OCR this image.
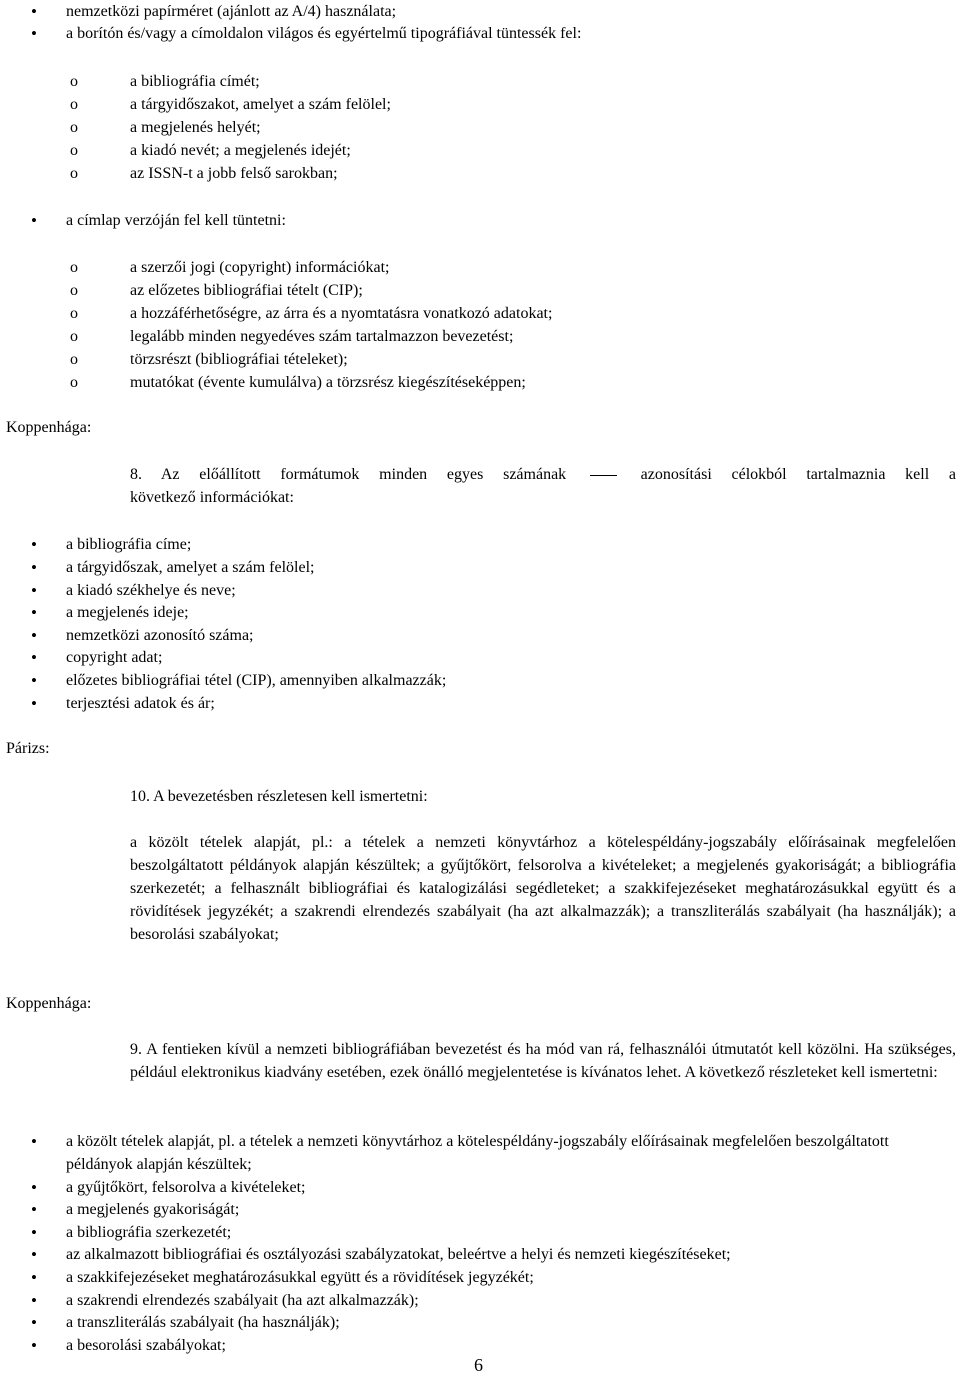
• nemzetközi papírméret (ajánlott az A/4) használata;
• a borítón és/vagy a címoldalon világos és egyértelmű tipográfiával tüntessék fel:
o a bibliográfia címét;
o a tárgyidőszakot, amelyet a szám felölel;
o a megjelenés helyét;
o a kiadó nevét; a megjelenés idejét;
o az ISSN-t a jobb felső sarokban;
• a címlap verzóján fel kell tüntetni:
o a szerzői jogi (copyright) információkat;
o az előzetes bibliográfiai tételt (CIP);
o a hozzáférhetőségre, az árra és a nyomtatásra vonatkozó adatokat;
o legalább minden negyedéves szám tartalmazzon bevezetést;
o törzsrészt (bibliográfiai tételeket);
o mutatókat (évente kumulálva) a törzsrész kiegészítéseképpen;
Koppenhága:
8. Az előállított formátumok minden egyes számának	azonosítási célokból tartalmaznia kell a
következő információkat:
• a bibliográfia címe;
• a tárgyidőszak, amelyet a szám felölel;
• a kiadó székhelye és neve;
• a megjelenés ideje;
• nemzetközi azonosító száma;
• copyright adat;
• előzetes bibliográfiai tétel (CIP), amennyiben alkalmazzák;
• terjesztési adatok és ár;
Párizs:
10. A bevezetésben részletesen kell ismertetni:
a közölt tételek alapját, pl.: a tételek a nemzeti könyvtárhoz a kötelespéldány-jogszabály előírásainak megfelelően beszolgáltatott példányok alapján készültek; a gyűjtőkört, felsorolva a kivételeket; a megjelenés gyakoriságát; a bibliográfia szerkezetét; a felhasznált bibliográfiai és katalogizálási segédleteket; a szakkifejezéseket meghatározásukkal együtt és a rövidítések jegyzékét; a szakrendi elrendezés szabályait (ha azt alkalmazzák); a transzliterálás szabályait (ha használják); a besorolási szabályokat;
Koppenhága:
9. A fentieken kívül a nemzeti bibliográfiában bevezetést és ha mód van rá, felhasználói útmutatót kell közölni. Ha szükséges, például elektronikus kiadvány esetében, ezek önálló megjelentetése is kívánatos lehet. A következő részleteket kell ismertetni:
• a közölt tételek alapját, pl. a tételek a nemzeti könyvtárhoz a kötelespéldány-jogszabály előírásainak megfelelően beszolgáltatott példányok alapján készültek;
• a gyűjtőkört, felsorolva a kivételeket;
• a megjelenés gyakoriságát;
• a bibliográfia szerkezetét;
• az alkalmazott bibliográfiai és osztályozási szabályzatokat, beleértve a helyi és nemzeti kiegészítéseket;
• a szakkifejezéseket meghatározásukkal együtt és a rövidítések jegyzékét;
• a szakrendi elrendezés szabályait (ha azt alkalmazzák);
• a transzliterálás szabályait (ha használják);
• a besorolási szabályokat;
6
